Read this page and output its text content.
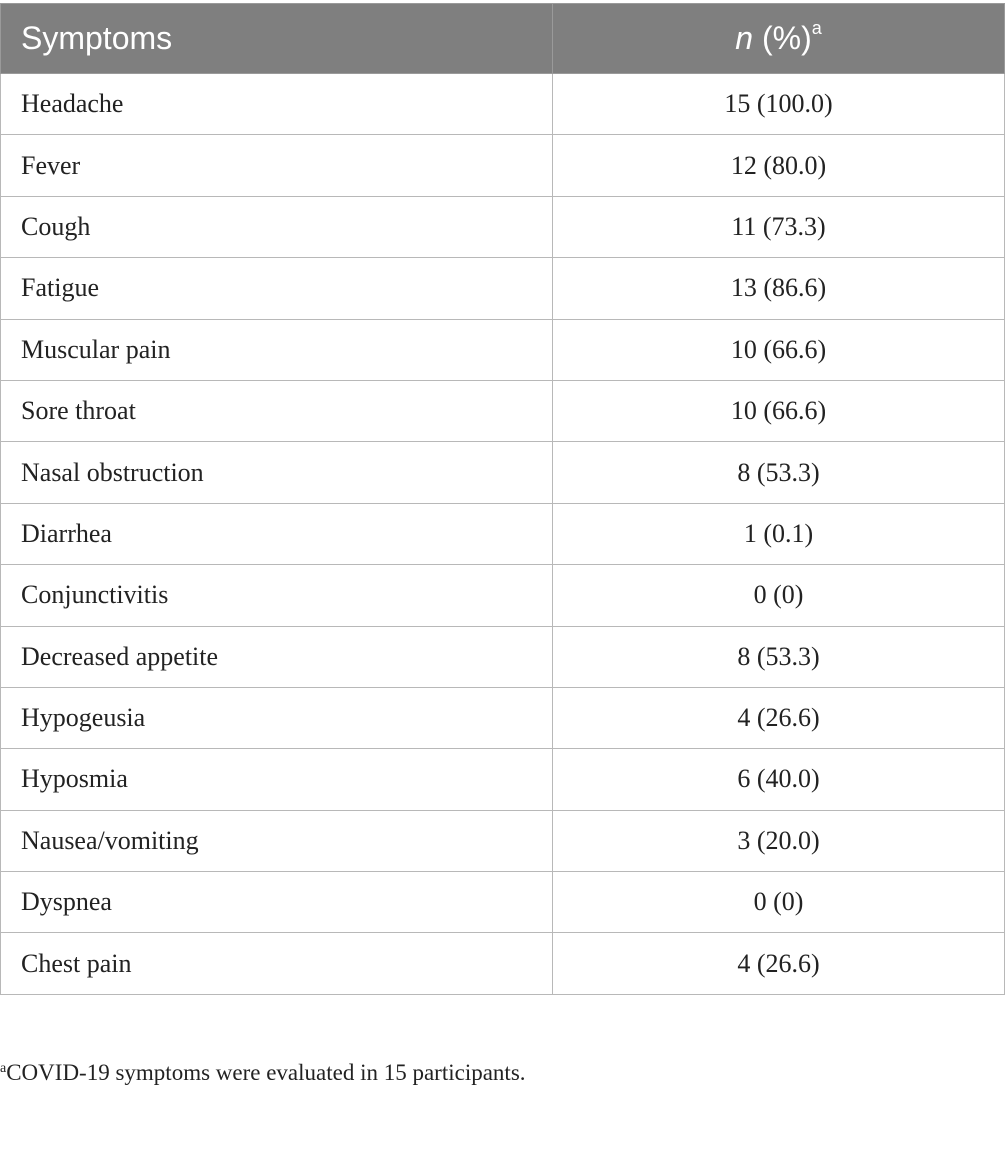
Symptoms	n (%)$^a$
Headache	15 (100.0)
Fever	12 (80.0)
Cough	11 (73.3)
Fatigue	13 (86.6)
Muscular pain	10 (66.6)
Sore throat	10 (66.6)
Nasal obstruction	8 (53.3)
Diarrhea	1 (0.1)
Conjunctivitis	0 (0)
Decreased appetite	8 (53.3)
Hypogeusia	4 (26.6)
Hyposmia	6 (40.0)
Nausea/vomiting	3 (20.0)
Dyspnea	0 (0)
Chest pain	4 (26.6)
$^a$COVID-19 symptoms were evaluated in 15 participants.
